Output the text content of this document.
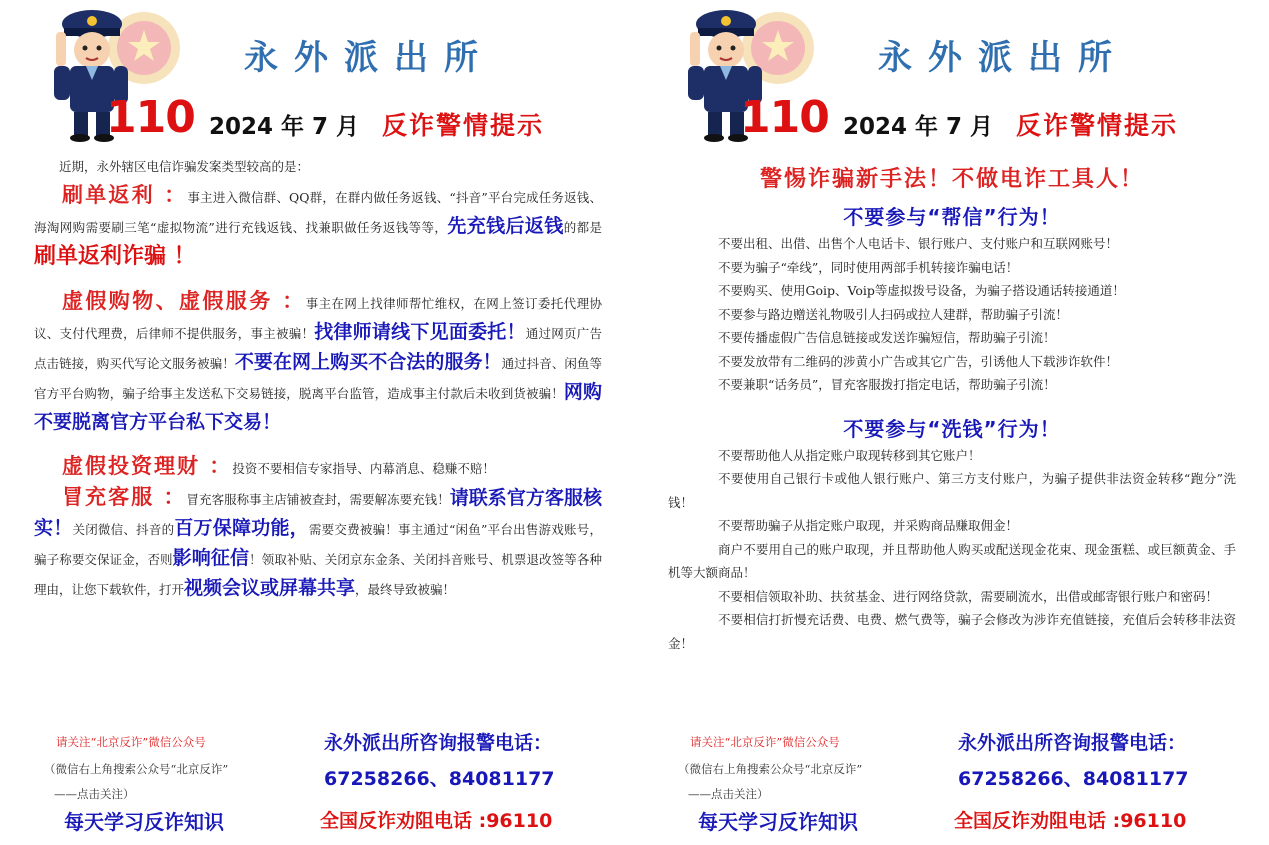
永外派出所
110 2024 年 7 月 反诈警情提示

近期，永外辖区电信诈骗发案类型较高的是：

刷单返利 ：事主进入微信群、QQ群，在群内做任务返钱、“抖音”平台完成任务返钱、海淘网购需要刷三笔“虚拟物流”进行充钱返钱、找兼职做任务返钱等等，先充钱后返钱的都是刷单返利诈骗 ！

虚假购物、虚假服务 ：事主在网上找律师帮忙维权，在网上签订委托代理协议、支付代理费，后律师不提供服务，事主被骗！找律师请线下见面委托！通过网页广告点击链接，购买代写论文服务被骗！不要在网上购买不合法的服务！通过抖音、闲鱼等官方平台购物，骗子给事主发送私下交易链接，脱离平台监管，造成事主付款后未收到货被骗！网购不要脱离官方平台私下交易！

虚假投资理财 ：投资不要相信专家指导、内幕消息、稳赚不赔！

冒充客服 ：冒充客服称事主店铺被查封，需要解冻要充钱！请联系官方客服核实！关闭微信、抖音的百万保障功能，需要交费被骗！事主通过“闲鱼”平台出售游戏账号，骗子称要交保证金，否则影响征信！领取补贴、关闭京东金条、关闭抖音账号、机票退改签等各种理由，让您下载软件，打开视频会议或屏幕共享，最终导致被骗！

请关注“北京反诈”微信公众号
（微信右上角搜索公众号“北京反诈”
——点击关注）
每天学习反诈知识
永外派出所咨询报警电话：
67258266、84081177
全国反诈劝阻电话 :96110
永外派出所
110 2024 年 7 月 反诈警情提示
警惕诈骗新手法！不做电诈工具人！
不要参与“帮信”行为！

不要出租、出借、出售个人电话卡、银行账户、支付账户和互联网账号！

不要为骗子“牵线”，同时使用两部手机转接诈骗电话！

不要购买、使用Goip、Voip等虚拟拨号设备，为骗子搭设通话转接通道！

不要参与路边赠送礼物吸引人扫码或拉人建群，帮助骗子引流！

不要传播虚假广告信息链接或发送诈骗短信，帮助骗子引流！

不要发放带有二维码的涉黄小广告或其它广告，引诱他人下载涉诈软件！

不要兼职“话务员”，冒充客服拨打指定电话，帮助骗子引流！

不要参与“洗钱”行为！

不要帮助他人从指定账户取现转移到其它账户！

不要使用自己银行卡或他人银行账户、第三方支付账户，为骗子提供非法资金转移“跑分”洗钱！

不要帮助骗子从指定账户取现，并采购商品赚取佣金！

商户不要用自己的账户取现，并且帮助他人购买或配送现金花束、现金蛋糕、或巨额黄金、手机等大额商品！

不要相信领取补助、扶贫基金、进行网络贷款，需要刷流水，出借或邮寄银行账户和密码！

不要相信打折慢充话费、电费、燃气费等，骗子会修改为涉诈充值链接，充值后会转移非法资金！

请关注“北京反诈”微信公众号
（微信右上角搜索公众号“北京反诈”
——点击关注）
每天学习反诈知识
永外派出所咨询报警电话：
67258266、84081177
全国反诈劝阻电话 :96110
